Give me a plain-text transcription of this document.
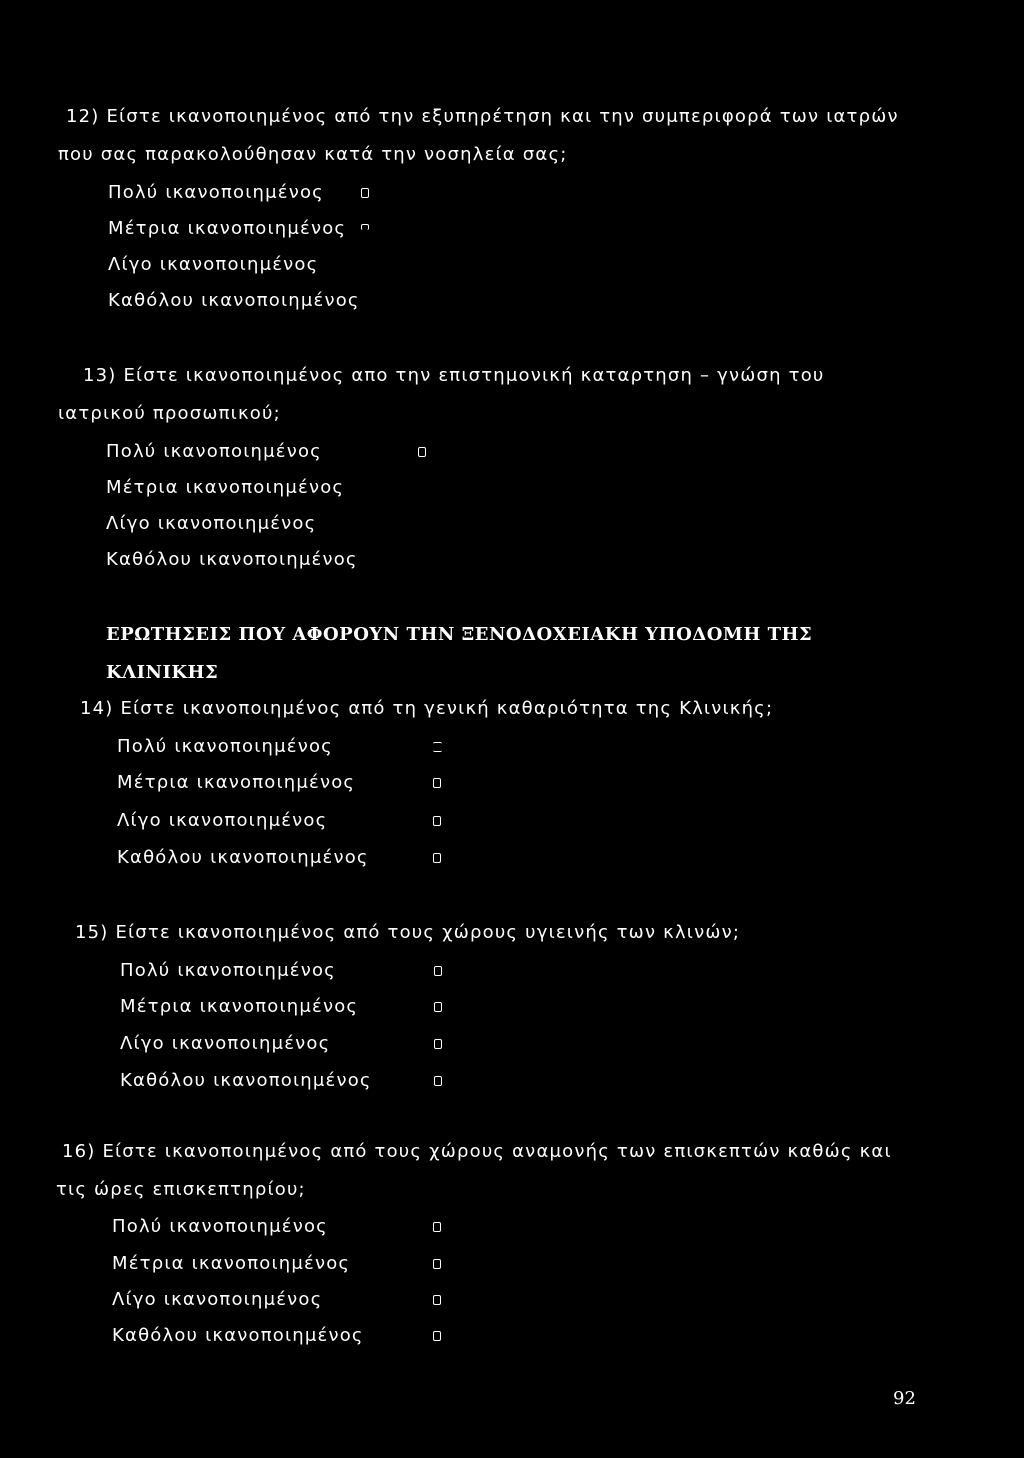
12) Είστε ικανοποιημένος από την εξυπηρέτηση και την συμπεριφορά των ιατρών
που σας παρακολούθησαν κατά την νοσηλεία σας;
Πολύ ικανοποιημένος
Μέτρια ικανοποιημένος
Λίγο ικανοποιημένος
Καθόλου ικανοποιημένος
13) Είστε ικανοποιημένος απο την επιστημονική καταρτηση – γνώση του
ιατρικού προσωπικού;
Πολύ ικανοποιημένος
Μέτρια ικανοποιημένος
Λίγο ικανοποιημένος
Καθόλου ικανοποιημένος
ΕΡΩΤΗΣΕΙΣ ΠΟΥ ΑΦΟΡΟΥΝ ΤΗΝ ΞΕΝΟΔΟΧΕΙΑΚΗ ΥΠΟΔΟΜΗ ΤΗΣ
ΚΛΙΝΙΚΗΣ
14) Είστε ικανοποιημένος από τη γενική καθαριότητα της Κλινικής;
Πολύ ικανοποιημένος
Μέτρια ικανοποιημένος
Λίγο ικανοποιημένος
Καθόλου ικανοποιημένος
15) Είστε ικανοποιημένος από τους χώρους υγιεινής των κλινών;
Πολύ ικανοποιημένος
Μέτρια ικανοποιημένος
Λίγο ικανοποιημένος
Καθόλου ικανοποιημένος
16) Είστε ικανοποιημένος από τους χώρους αναμονής των επισκεπτών καθώς και
τις ώρες επισκεπτηρίου;
Πολύ ικανοποιημένος
Μέτρια ικανοποιημένος
Λίγο ικανοποιημένος
Καθόλου ικανοποιημένος
92
